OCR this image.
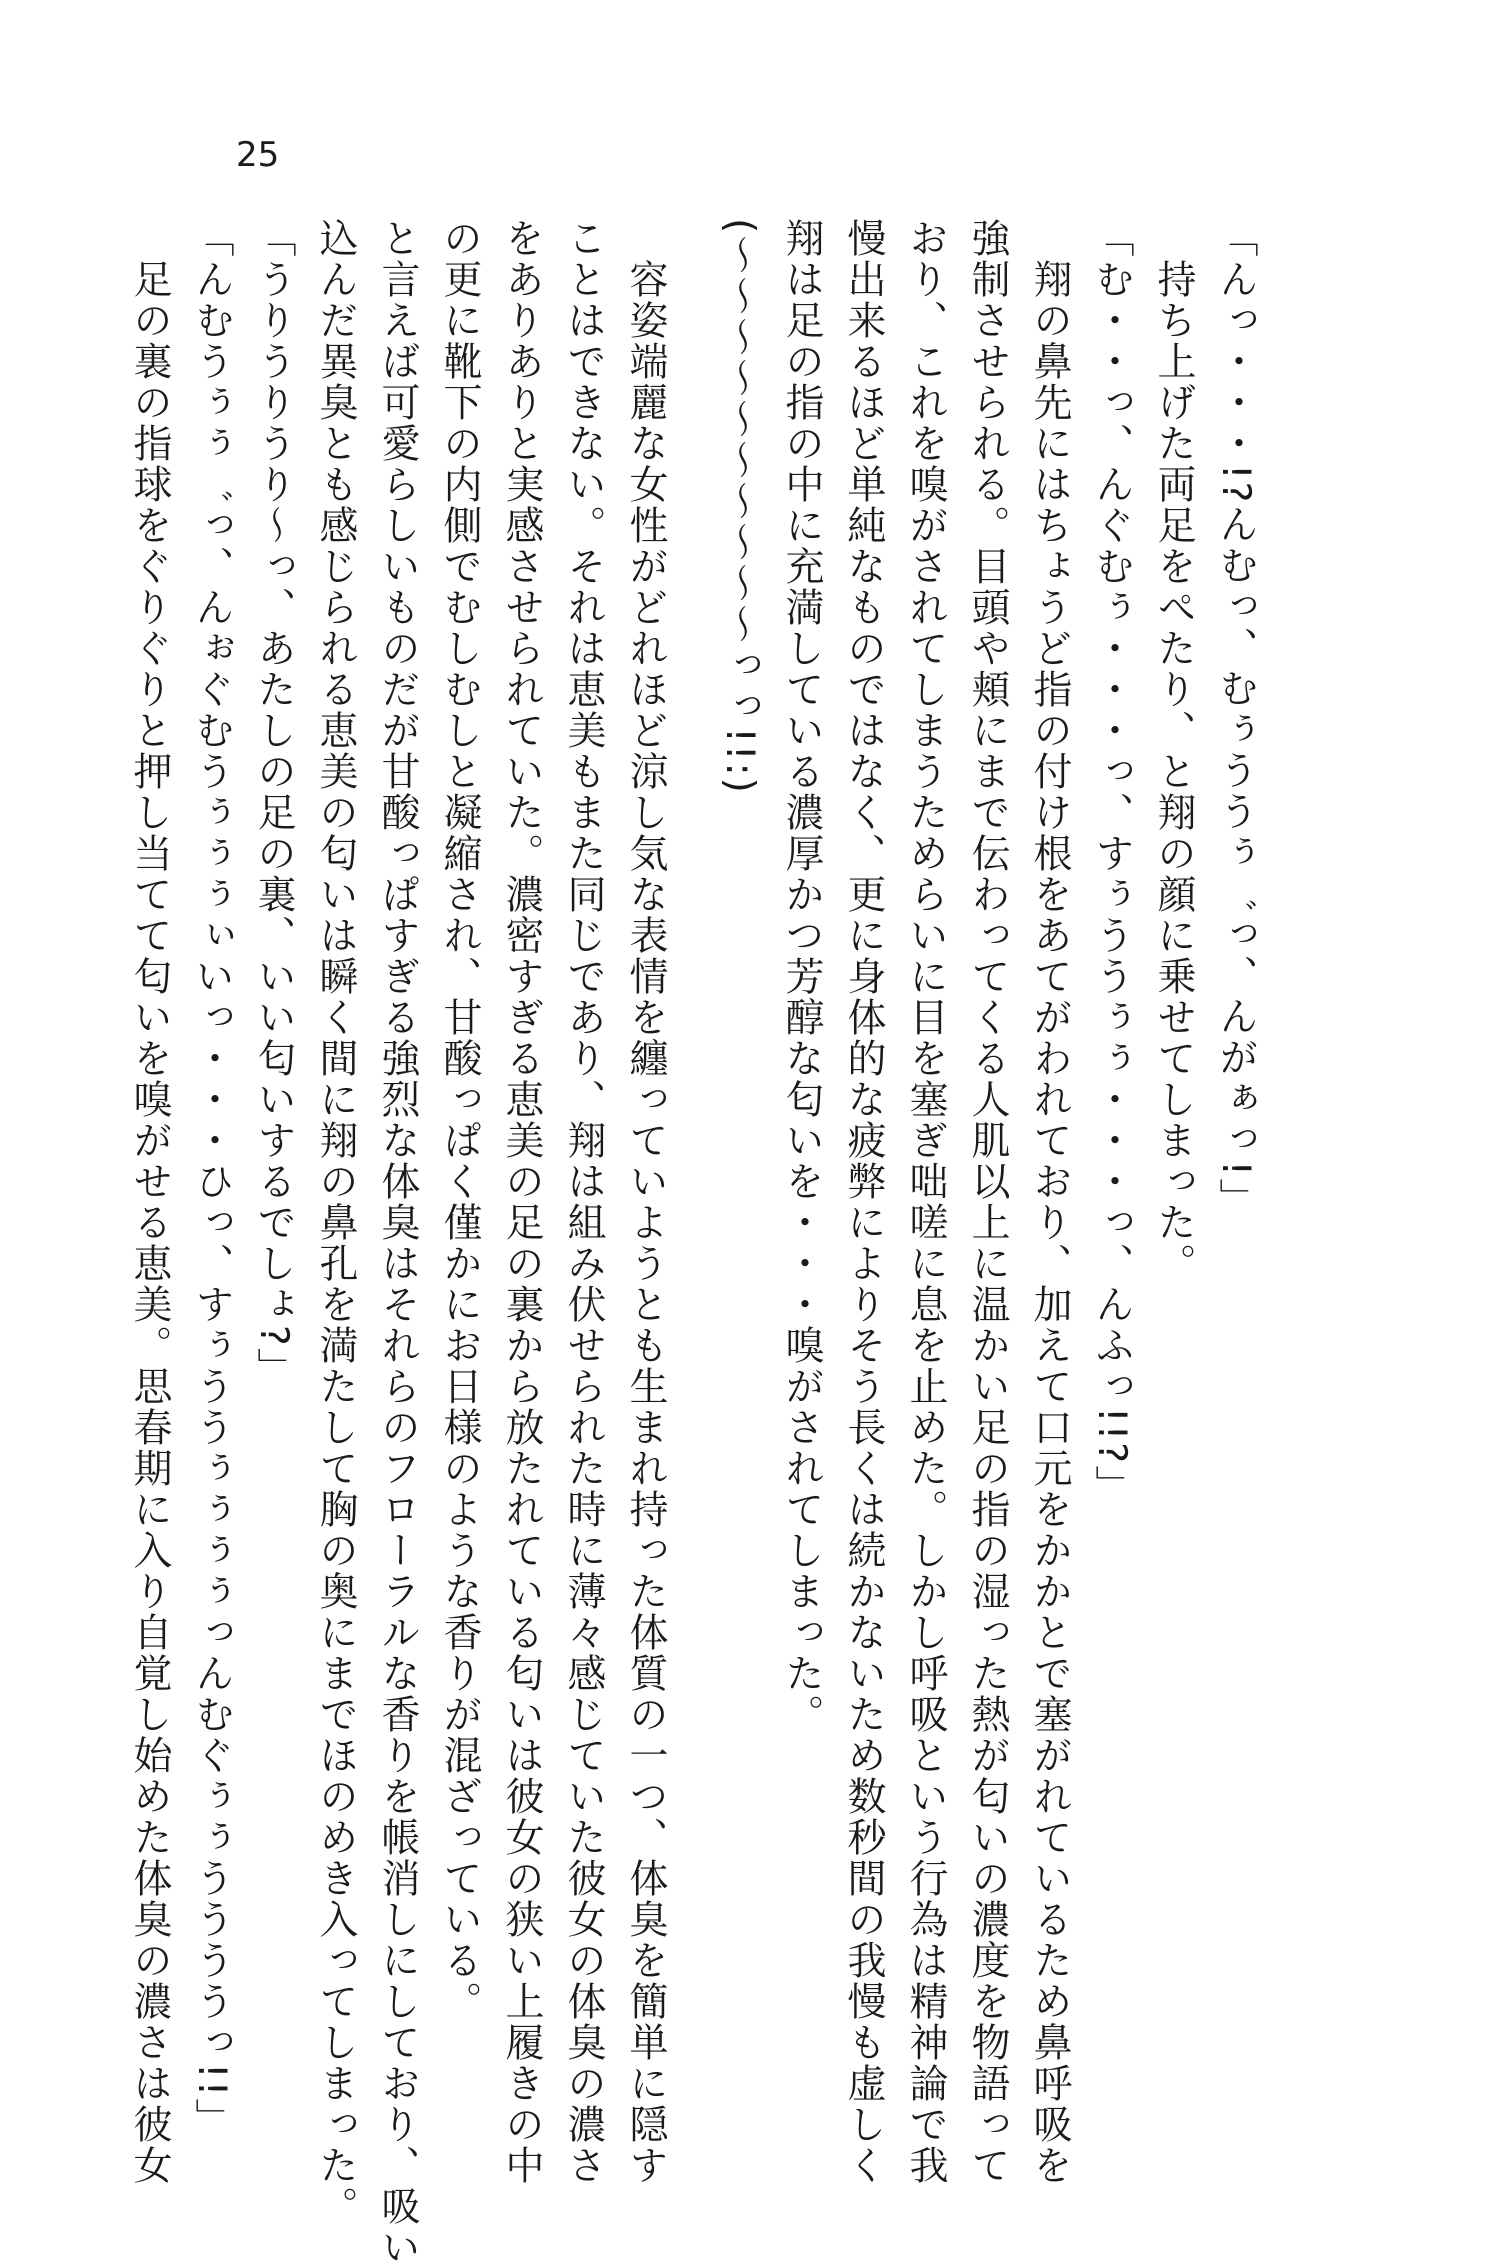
25
「んっ・・・!?んむっ、むぅううぅ゛っ、んがぁっ!」
　持ち上げた両足をぺたり、と翔の顔に乗せてしまった。
「む・・っ、んぐむぅ・・・っ、すぅううぅぅ・・・っ、んふっ!!?」
　翔の鼻先にはちょうど指の付け根をあてがわれており、加えて口元をかかとで塞がれているため鼻呼吸を
強制させられる。目頭や頬にまで伝わってくる人肌以上に温かい足の指の湿った熱が匂いの濃度を物語って
おり、これを嗅がされてしまうためらいに目を塞ぎ咄嗟に息を止めた。しかし呼吸という行為は精神論で我
慢出来るほど単純なものではなく、更に身体的な疲弊によりそう長くは続かないため数秒間の我慢も虚しく
翔は足の指の中に充満している濃厚かつ芳醇な匂いを・・・嗅がされてしまった。
(〜〜〜〜〜〜〜〜〜〜っっ!!:)
　容姿端麗な女性がどれほど涼し気な表情を纏っていようとも生まれ持った体質の一つ、体臭を簡単に隠す
ことはできない。それは恵美もまた同じであり、翔は組み伏せられた時に薄々感じていた彼女の体臭の濃さ
をありありと実感させられていた。濃密すぎる恵美の足の裏から放たれている匂いは彼女の狭い上履きの中
の更に靴下の内側でむしむしと凝縮され、甘酸っぱく僅かにお日様のような香りが混ざっている。
と言えば可愛らしいものだが甘酸っぱすぎる強烈な体臭はそれらのフローラルな香りを帳消しにしており、吸い
込んだ異臭とも感じられる恵美の匂いは瞬く間に翔の鼻孔を満たして胸の奥にまでほのめき入ってしまった。
「うりうりうり〜っ、あたしの足の裏、いい匂いするでしょ?」
「んむうぅぅ゛っ、んぉぐむうぅぅぅぃいっ・・・ひっ、すぅううぅぅぅぅっんむぐぅぅううううっ!!」
　足の裏の指球をぐりぐりと押し当てて匂いを嗅がせる恵美。思春期に入り自覚し始めた体臭の濃さは彼女
